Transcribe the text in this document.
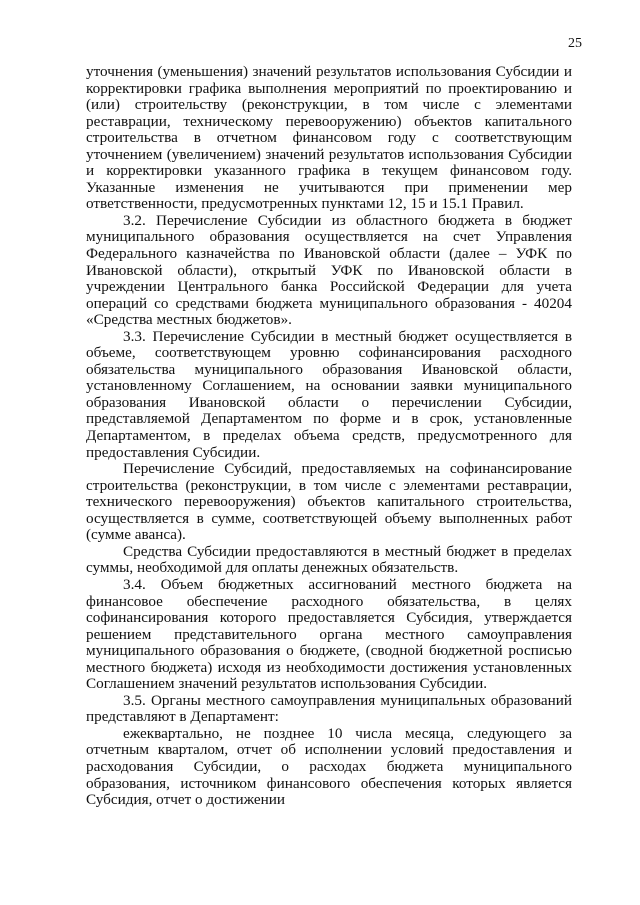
25

уточнения (уменьшения) значений результатов использования Субсидии и корректировки графика выполнения мероприятий по проектированию и (или) строительству (реконструкции, в том числе с элементами реставрации, техническому перевооружению) объектов капитального строительства в отчетном финансовом году с соответствующим уточнением (увеличением) значений результатов использования Субсидии и корректировки указанного графика в текущем финансовом году. Указанные изменения не учитываются при применении мер ответственности, предусмотренных пунктами 12, 15 и 15.1 Правил.

3.2. Перечисление Субсидии из областного бюджета в бюджет муниципального образования осуществляется на счет Управления Федерального казначейства по Ивановской области (далее – УФК по Ивановской области), открытый УФК по Ивановской области в учреждении Центрального банка Российской Федерации для учета операций со средствами бюджета муниципального образования - 40204 «Средства местных бюджетов».

3.3. Перечисление Субсидии в местный бюджет осуществляется в объеме, соответствующем уровню софинансирования расходного обязательства муниципального образования Ивановской области, установленному Соглашением, на основании заявки муниципального образования Ивановской области о перечислении Субсидии, представляемой Департаментом по форме и в срок, установленные Департаментом, в пределах объема средств, предусмотренного для предоставления Субсидии.

Перечисление Субсидий, предоставляемых на софинансирование строительства (реконструкции, в том числе с элементами реставрации, технического перевооружения) объектов капитального строительства, осуществляется в сумме, соответствующей объему выполненных работ (сумме аванса).

Средства Субсидии предоставляются в местный бюджет в пределах суммы, необходимой для оплаты денежных обязательств.

3.4. Объем бюджетных ассигнований местного бюджета на финансовое обеспечение расходного обязательства, в целях софинансирования которого предоставляется Субсидия, утверждается решением представительного органа местного самоуправления муниципального образования о бюджете, (сводной бюджетной росписью местного бюджета) исходя из необходимости достижения установленных Соглашением значений результатов использования Субсидии.

3.5. Органы местного самоуправления муниципальных образований представляют в Департамент:

ежеквартально, не позднее 10 числа месяца, следующего за отчетным кварталом, отчет об исполнении условий предоставления и расходования Субсидии, о расходах бюджета муниципального образования, источником финансового обеспечения которых является Субсидия, отчет о достижении
